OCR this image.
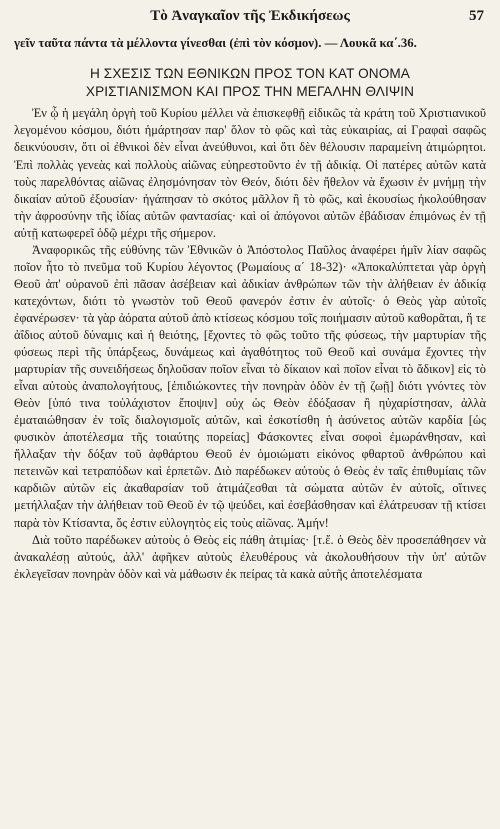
Τὸ Ἀναγκαῖον τῆς Ἐκδικήσεως	57

γεῖν ταῦτα πάντα τὰ μέλλοντα γίνεσθαι (ἐπὶ τὸν κόσμον). — Λουκᾶ κα΄.36.

Η ΣΧΕΣΙΣ ΤΩΝ ΕΘΝΙΚΩΝ ΠΡΟΣ ΤΟΝ ΚΑΤ ΟΝΟΜΑ
ΧΡΙΣΤΙΑΝΙΣΜΟΝ ΚΑΙ ΠΡΟΣ ΤΗΝ ΜΕΓΑΛΗΝ ΘΛΙΨΙΝ

Ἐν ᾧ ἡ μεγάλη ὀργὴ τοῦ Κυρίου μέλλει νὰ ἐπισκεφθῇ εἰδικῶς τὰ κράτη τοῦ Χριστιανικοῦ λεγομένου κόσμου, διότι ἡμάρτησαν παρ' ὅλον τὸ φῶς καὶ τὰς εὐκαιρίας, αἱ Γραφαὶ σαφῶς δεικνύουσιν, ὅτι οἱ ἐθνικοὶ δὲν εἶναι ἀνεύθυνοι, καὶ ὅτι δὲν θέλουσιν παραμείνη ἀτιμώρητοι. Ἐπὶ πολλὰς γενεὰς καὶ πολλοὺς αἰῶνας εὐηρεστοῦντο ἐν τῇ ἀδικίᾳ. Οἱ πατέρες αὐτῶν κατὰ τοὺς παρελθόντας αἰῶνας ἐλησμόνησαν τὸν Θεόν, διότι δὲν ἤθελον νὰ ἔχωσιν ἐν μνήμῃ τὴν δικαίαν αὐτοῦ ἐξουσίαν· ἠγάπησαν τὸ σκότος μᾶλλον ἢ τὸ φῶς, καὶ ἑκουσίως ἠκολούθησαν τὴν ἀφροσύνην τῆς ἰδίας αὐτῶν φαντασίας· καὶ οἱ ἀπόγονοι αὐτῶν ἐβάδισαν ἐπιμόνως ἐν τῇ αὐτῇ κατωφερεῖ ὁδῷ μέχρι τῆς σήμερον.

Ἀναφορικῶς τῆς εὐθύνης τῶν Ἐθνικῶν ὁ Ἀπόστολος Παῦλος ἀναφέρει ἡμῖν λίαν σαφῶς ποῖον ἦτο τὸ πνεῦμα τοῦ Κυρίου λέγοντος (Ρωμαίους α΄ 18-32)· «Ἀποκαλύπτεται γὰρ ὀργὴ Θεοῦ ἀπ' οὐρανοῦ ἐπὶ πᾶσαν ἀσέβειαν καὶ ἀδικίαν ἀνθρώπων τῶν τὴν ἀλήθειαν ἐν ἀδικίᾳ κατεχόντων, διότι τὸ γνωστὸν τοῦ Θεοῦ φανερόν ἐστιν ἐν αὐτοῖς· ὁ Θεὸς γὰρ αὐτοῖς ἐφανέρωσεν· τὰ γὰρ ἀόρατα αὐτοῦ ἀπὸ κτίσεως κόσμου τοῖς ποιήμασιν αὐτοῦ καθορᾶται, ἥ τε ἀΐδιος αὐτοῦ δύναμις καὶ ἡ θειότης, [ἔχοντες τὸ φῶς τοῦτο τῆς φύσεως, τὴν μαρτυρίαν τῆς φύσεως περὶ τῆς ὑπάρξεως, δυνάμεως καὶ ἀγαθότητος τοῦ Θεοῦ καὶ συνάμα ἔχοντες τὴν μαρτυρίαν τῆς συνειδήσεως δηλοῦσαν ποῖον εἶναι τὸ δίκαιον καὶ ποῖον εἶναι τὸ ἄδικον] εἰς τὸ εἶναι αὐτοὺς ἀναπολογήτους, [ἐπιδιώκοντες τὴν πονηρὰν ὁδὸν ἐν τῇ ζωῇ] διότι γνόντες τὸν Θεὸν [ὑπό τινα τοὐλάχιστον ἔποψιν] οὐχ ὡς Θεὸν ἐδόξασαν ἢ ηὐχαρίστησαν, ἀλλὰ ἐματαιώθησαν ἐν τοῖς διαλογισμοῖς αὐτῶν, καὶ ἐσκοτίσθη ἡ ἀσύνετος αὐτῶν καρδία [ὡς φυσικὸν ἀποτέλεσμα τῆς τοιαύτης πορείας] Φάσκοντες εἶναι σοφοὶ ἐμωράνθησαν, καὶ ἤλλαξαν τὴν δόξαν τοῦ ἀφθάρτου Θεοῦ ἐν ὁμοιώματι εἰκόνος φθαρτοῦ ἀνθρώπου καὶ πετεινῶν καὶ τετραπόδων καὶ ἑρπετῶν. Διὸ παρέδωκεν αὐτοὺς ὁ Θεὸς ἐν ταῖς ἐπιθυμίαις τῶν καρδιῶν αὐτῶν εἰς ἀκαθαρσίαν τοῦ ἀτιμάζεσθαι τὰ σώματα αὐτῶν ἐν αὐτοῖς, οἵτινες μετήλλαξαν τὴν ἀλήθειαν τοῦ Θεοῦ ἐν τῷ ψεύδει, καὶ ἐσεβάσθησαν καὶ ἐλάτρευσαν τῇ κτίσει παρὰ τὸν Κτίσαντα, ὅς ἐστιν εὐλογητὸς εἰς τοὺς αἰῶνας. Ἀμήν!

Διὰ τοῦτο παρέδωκεν αὐτοὺς ὁ Θεὸς εἰς πάθη ἀτιμίας· [τ.ἔ. ὁ Θεὸς δὲν προσεπάθησεν νὰ ἀνακαλέσῃ αὐτούς, ἀλλ' ἀφῆκεν αὐτοὺς ἐλευθέρους νὰ ἀκολουθήσουν τὴν ὑπ' αὐτῶν ἐκλεγεῖσαν πονηρὰν ὁδὸν καὶ νὰ μάθωσιν ἐκ πείρας τὰ κακὰ αὐτῆς ἀποτελέσματα
